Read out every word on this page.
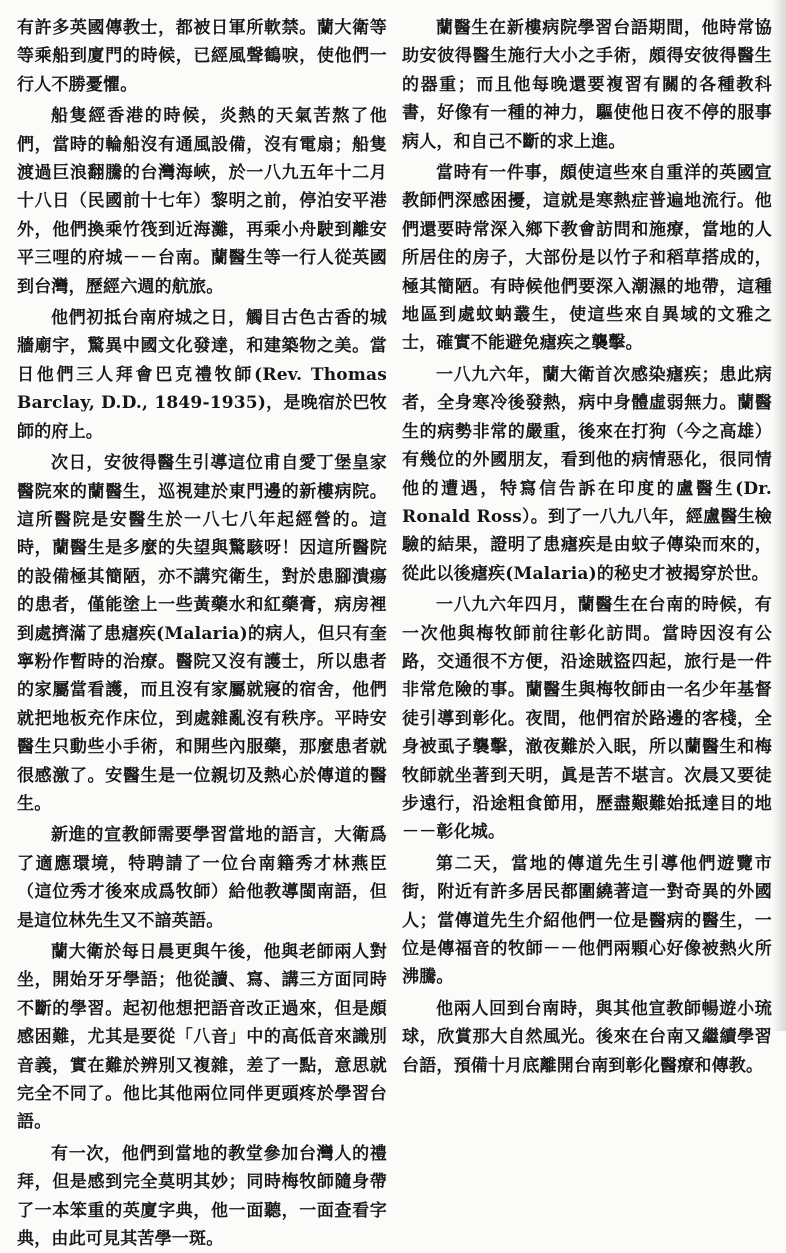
有許多英國傳教士，都被日軍所軟禁。蘭大衛等等乘船到廈門的時候，已經風聲鶴唳，使他們一行人不勝憂懼。

船隻經香港的時候，炎熱的天氣苦熬了他們，當時的輪船沒有通風設備，沒有電扇；船隻渡過巨浪翻騰的台灣海峽，於一八九五年十二月十八日（民國前十七年）黎明之前，停泊安平港外，他們換乘竹筏到近海灘，再乘小舟駛到離安平三哩的府城－－台南。蘭醫生等一行人從英國到台灣，歷經六週的航旅。

他們初抵台南府城之日，觸目古色古香的城牆廟宇，驚異中國文化發達，和建築物之美。當日他們三人拜會巴克禮牧師(Rev. Thomas Barclay, D.D., 1849-1935)，是晚宿於巴牧師的府上。

次日，安彼得醫生引導這位甫自愛丁堡皇家醫院來的蘭醫生，巡視建於東門邊的新樓病院。這所醫院是安醫生於一八七八年起經營的。這時，蘭醫生是多麼的失望與驚駭呀！因這所醫院的設備極其簡陋，亦不講究衛生，對於患腳潰瘍的患者，僅能塗上一些黃藥水和紅藥膏，病房裡到處擠滿了患瘧疾(Malaria)的病人，但只有奎寧粉作暫時的治療。醫院又沒有護士，所以患者的家屬當看護，而且沒有家屬就寢的宿舍，他們就把地板充作床位，到處雜亂沒有秩序。平時安醫生只動些小手術，和開些內服藥，那麼患者就很感激了。安醫生是一位親切及熱心於傳道的醫生。

新進的宣教師需要學習當地的語言，大衛爲了適應環境，特聘請了一位台南籍秀才林燕臣（這位秀才後來成爲牧師）給他教導閩南語，但是這位林先生又不諳英語。

蘭大衛於每日晨更與午後，他與老師兩人對坐，開始牙牙學語；他從讀、寫、講三方面同時不斷的學習。起初他想把語音改正過來，但是頗感困難，尤其是要從「八音」中的高低音來識別音義，實在難於辨別又複雜，差了一點，意思就完全不同了。他比其他兩位同伴更頭疼於學習台語。

有一次，他們到當地的教堂參加台灣人的禮拜，但是感到完全莫明其妙；同時梅牧師隨身帶了一本笨重的英廈字典，他一面聽，一面查看字典，由此可見其苦學一斑。

蘭醫生在新樓病院學習台語期間，他時常協助安彼得醫生施行大小之手術，頗得安彼得醫生的器重；而且他每晚還要複習有關的各種教科書，好像有一種的神力，驅使他日夜不停的服事病人，和自己不斷的求上進。

當時有一件事，頗使這些來自重洋的英國宣教師們深感困擾，這就是寒熱症普遍地流行。他們還要時常深入鄉下教會訪問和施療，當地的人所居住的房子，大部份是以竹子和稻草搭成的，極其簡陋。有時候他們要深入潮濕的地帶，這種地區到處蚊蚋叢生，使這些來自異域的文雅之士，確實不能避免瘧疾之襲擊。

一八九六年，蘭大衛首次感染瘧疾；患此病者，全身寒冷後發熱，病中身體虛弱無力。蘭醫生的病勢非常的嚴重，後來在打狗（今之高雄）有幾位的外國朋友，看到他的病情惡化，很同情他的遭遇，特寫信告訴在印度的盧醫生(Dr. Ronald Ross）。到了一八九八年，經盧醫生檢驗的結果，證明了患瘧疾是由蚊子傳染而來的，從此以後瘧疾(Malaria)的秘史才被揭穿於世。

一八九六年四月，蘭醫生在台南的時候，有一次他與梅牧師前往彰化訪問。當時因沒有公路，交通很不方便，沿途賊盜四起，旅行是一件非常危險的事。蘭醫生與梅牧師由一名少年基督徒引導到彰化。夜間，他們宿於路邊的客棧，全身被虱子襲擊，澈夜難於入眠，所以蘭醫生和梅牧師就坐著到天明，眞是苦不堪言。次晨又要徒步遠行，沿途粗食節用，歷盡艱難始抵達目的地－－彰化城。

第二天，當地的傳道先生引導他們遊覽市街，附近有許多居民都圍繞著這一對奇異的外國人；當傳道先生介紹他們一位是醫病的醫生，一位是傳福音的牧師－－他們兩顆心好像被熱火所沸騰。

他兩人回到台南時，與其他宣教師暢遊小琉球，欣賞那大自然風光。後來在台南又繼續學習台語，預備十月底離開台南到彰化醫療和傳教。
